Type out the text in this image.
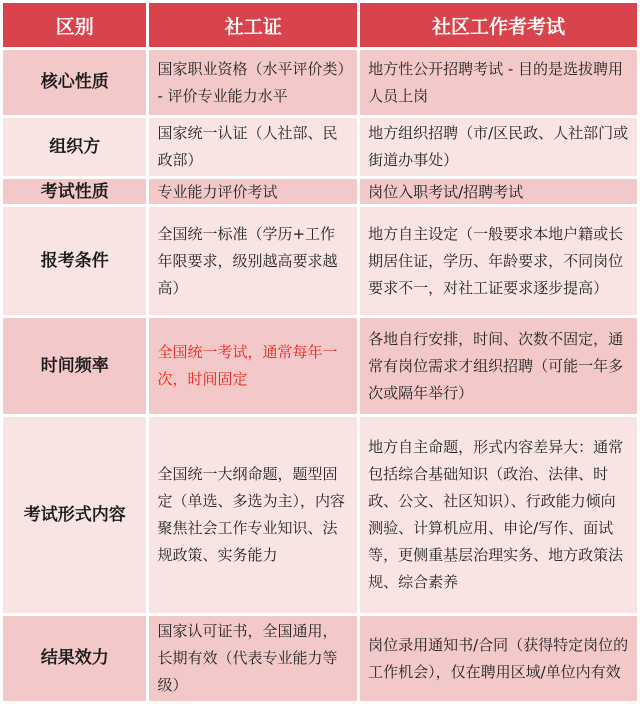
区别	社工证	社区工作者考试
核心性质	国家职业资格（水平评价类）- 评价专业能力水平	地方性公开招聘考试 - 目的是选拔聘用人员上岗
组织方	国家统一认证（人社部、民政部）	地方组织招聘（市/区民政、人社部门或街道办事处）
考试性质	专业能力评价考试	岗位入职考试/招聘考试
报考条件	全国统一标准（学历+工作年限要求，级别越高要求越高）	地方自主设定（一般要求本地户籍或长期居住证，学历、年龄要求，不同岗位要求不一，对社工证要求逐步提高）
时间频率	全国统一考试，通常每年一次，时间固定	各地自行安排，时间、次数不固定，通常有岗位需求才组织招聘（可能一年多次或隔年举行）
考试形式内容	全国统一大纲命题，题型固定（单选、多选为主），内容聚焦社会工作专业知识、法规政策、实务能力	地方自主命题，形式内容差异大：通常包括综合基础知识（政治、法律、时政、公文、社区知识）、行政能力倾向测验、计算机应用、申论/写作、面试等，更侧重基层治理实务、地方政策法规、综合素养
结果效力	国家认可证书，全国通用，长期有效（代表专业能力等级）	岗位录用通知书/合同（获得特定岗位的工作机会），仅在聘用区域/单位内有效
